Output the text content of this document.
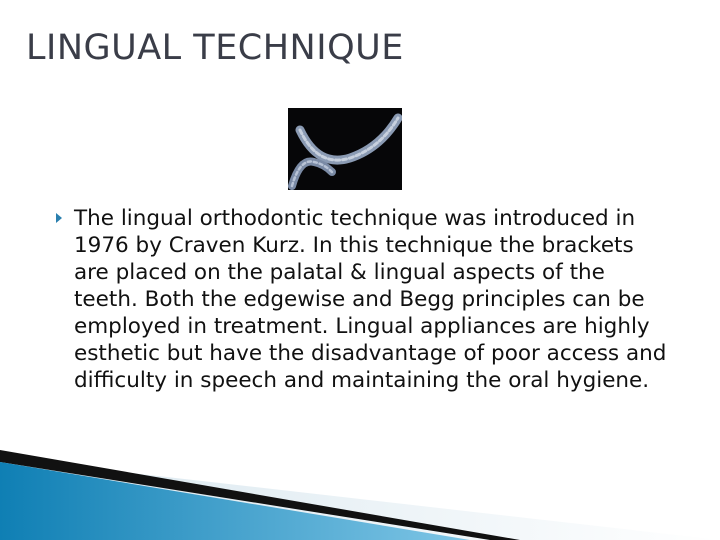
LINGUAL TECHNIQUE

The lingual orthodontic technique was introduced in 1976 by Craven Kurz. In this technique the brackets are placed on the palatal & lingual aspects of the teeth. Both the edgewise and Begg principles can be employed in treatment. Lingual appliances are highly esthetic but have the disadvantage of poor access and difficulty in speech and maintaining the oral hygiene.
